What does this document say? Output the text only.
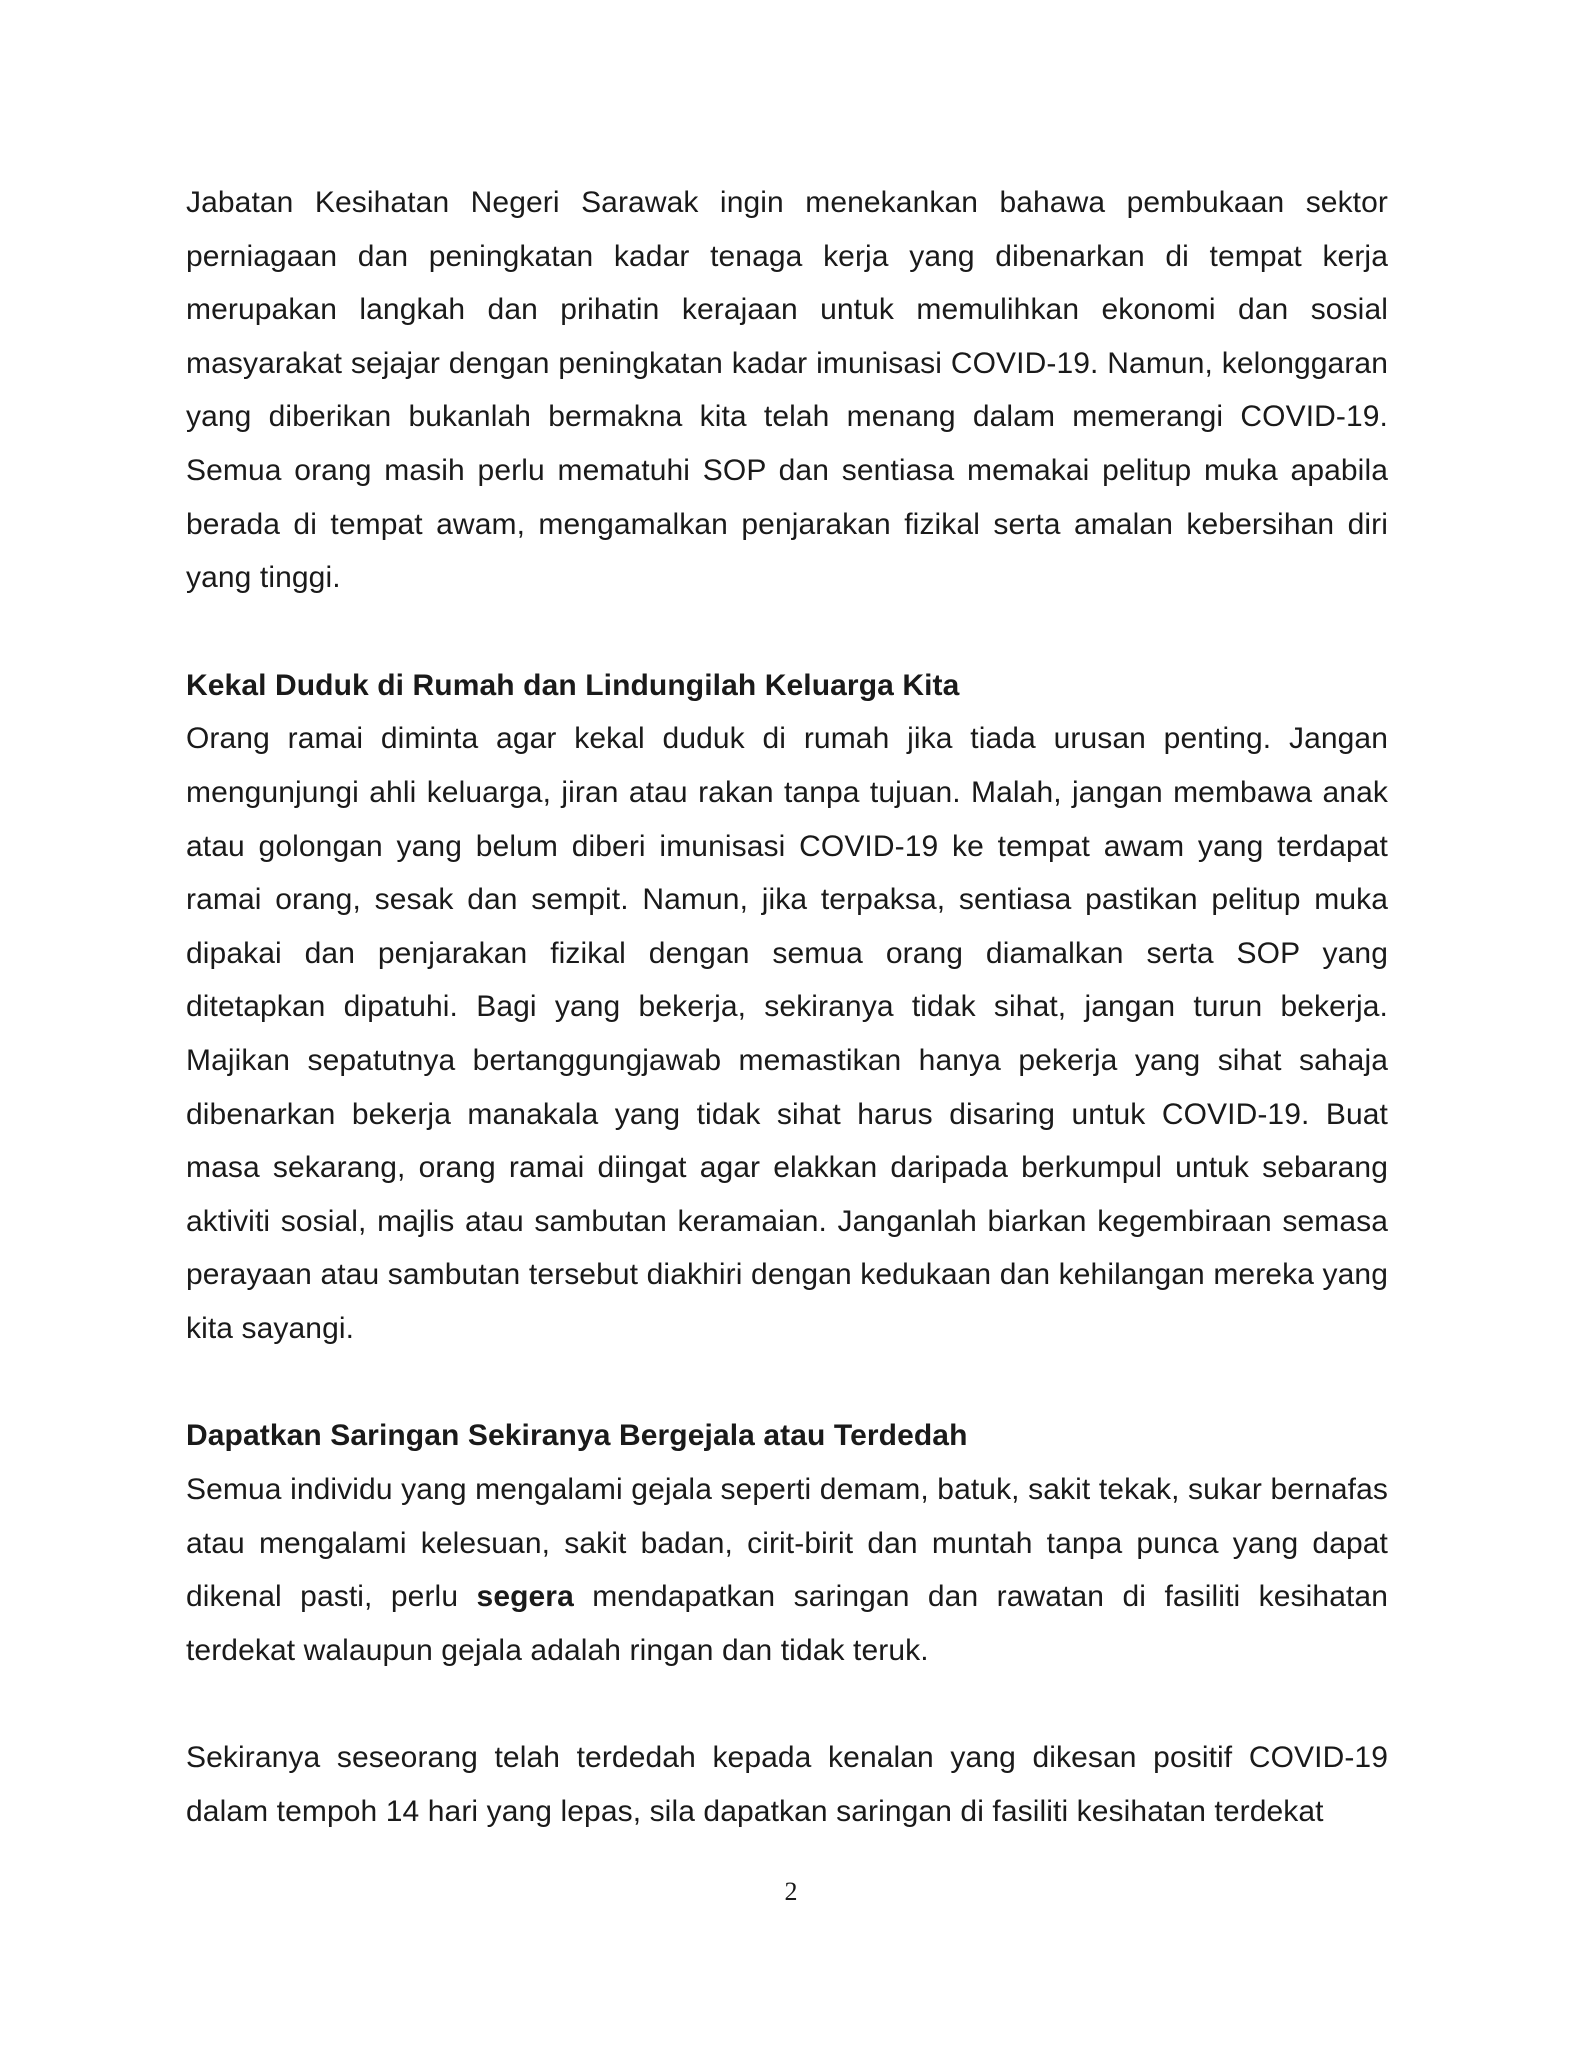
Jabatan Kesihatan Negeri Sarawak ingin menekankan bahawa pembukaan sektor perniagaan dan peningkatan kadar tenaga kerja yang dibenarkan di tempat kerja merupakan langkah dan prihatin kerajaan untuk memulihkan ekonomi dan sosial masyarakat sejajar dengan peningkatan kadar imunisasi COVID-19. Namun, kelonggaran yang diberikan bukanlah bermakna kita telah menang dalam memerangi COVID-19. Semua orang masih perlu mematuhi SOP dan sentiasa memakai pelitup muka apabila berada di tempat awam, mengamalkan penjarakan fizikal serta amalan kebersihan diri yang tinggi.

Kekal Duduk di Rumah dan Lindungilah Keluarga Kita

Orang ramai diminta agar kekal duduk di rumah jika tiada urusan penting. Jangan mengunjungi ahli keluarga, jiran atau rakan tanpa tujuan. Malah, jangan membawa anak atau golongan yang belum diberi imunisasi COVID-19 ke tempat awam yang terdapat ramai orang, sesak dan sempit. Namun, jika terpaksa, sentiasa pastikan pelitup muka dipakai dan penjarakan fizikal dengan semua orang diamalkan serta SOP yang ditetapkan dipatuhi. Bagi yang bekerja, sekiranya tidak sihat, jangan turun bekerja. Majikan sepatutnya bertanggungjawab memastikan hanya pekerja yang sihat sahaja dibenarkan bekerja manakala yang tidak sihat harus disaring untuk COVID-19. Buat masa sekarang, orang ramai diingat agar elakkan daripada berkumpul untuk sebarang aktiviti sosial, majlis atau sambutan keramaian. Janganlah biarkan kegembiraan semasa perayaan atau sambutan tersebut diakhiri dengan kedukaan dan kehilangan mereka yang kita sayangi.

Dapatkan Saringan Sekiranya Bergejala atau Terdedah

Semua individu yang mengalami gejala seperti demam, batuk, sakit tekak, sukar bernafas atau mengalami kelesuan, sakit badan, cirit-birit dan muntah tanpa punca yang dapat dikenal pasti, perlu segera mendapatkan saringan dan rawatan di fasiliti kesihatan terdekat walaupun gejala adalah ringan dan tidak teruk.

Sekiranya seseorang telah terdedah kepada kenalan yang dikesan positif COVID-19 dalam tempoh 14 hari yang lepas, sila dapatkan saringan di fasiliti kesihatan terdekat

2
